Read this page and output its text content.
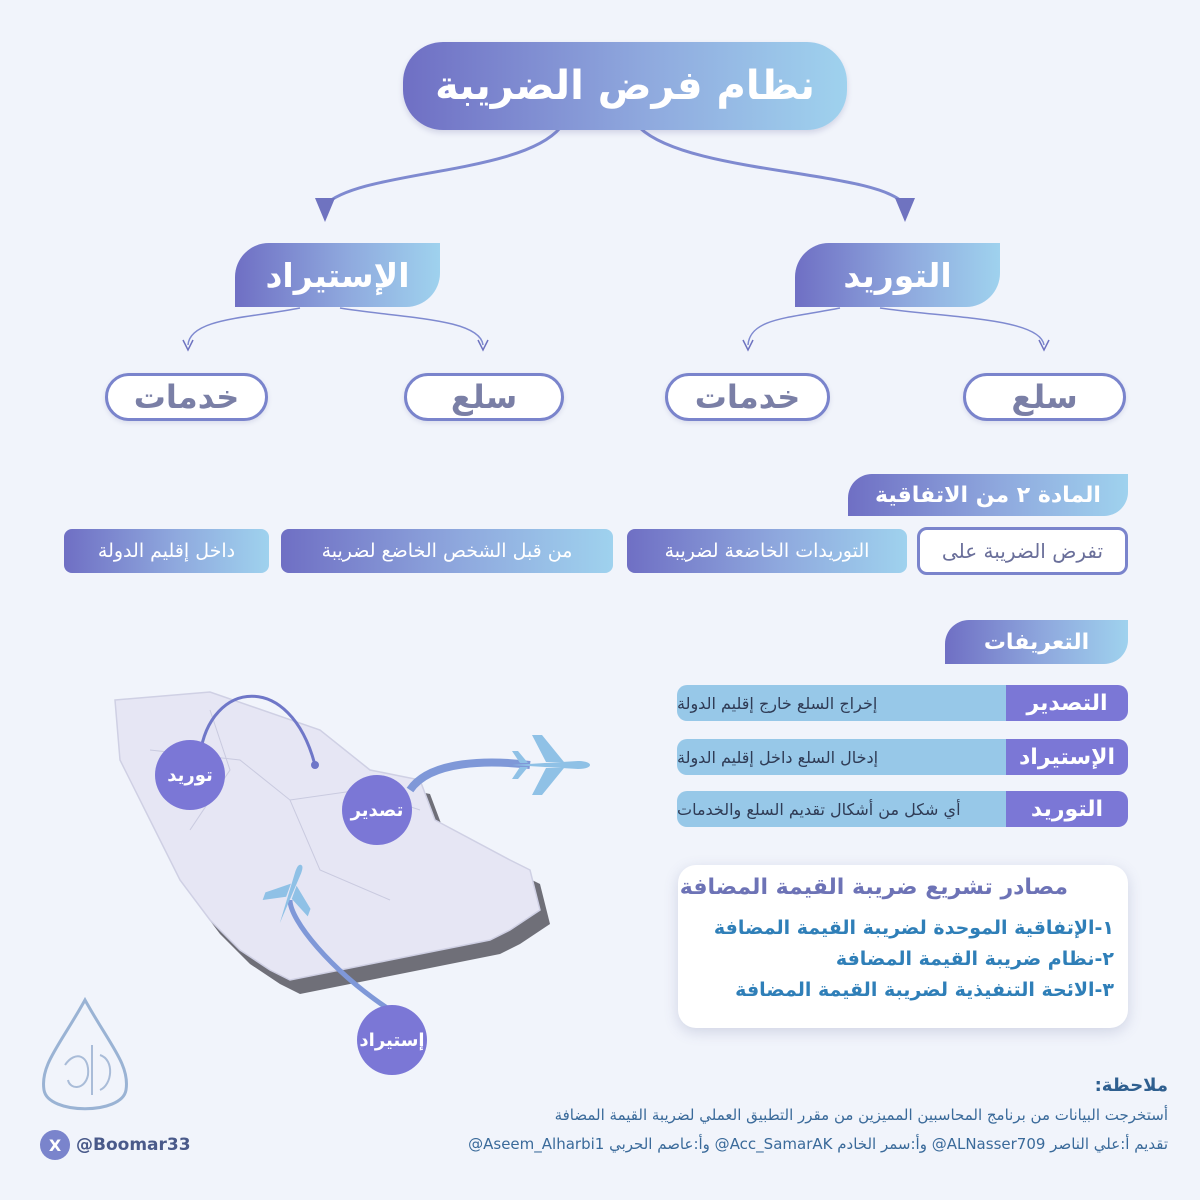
نظام فرض الضريبة
الإستيراد	التوريد
خدمات	سلع	خدمات	سلع
المادة ٢ من الاتفاقية
تفرض الضريبة على
التوريدات الخاضعة لضريبة
من قبل الشخص الخاضع لضريبة
داخل إقليم الدولة
التعريفات
إخراج السلع خارج إقليم الدولة	التصدير
إدخال السلع داخل إقليم الدولة	الإستيراد
أي شكل من أشكال تقديم السلع والخدمات	التوريد
توريد
تصدير
إستيراد
مصادر تشريع ضريبة القيمة المضافة
١-الإتفاقية الموحدة لضريبة القيمة المضافة
٢-نظام ضريبة القيمة المضافة
٣-الائحة التنفيذية لضريبة القيمة المضافة
X @Boomar33
ملاحظة:
أستخرجت البيانات من برنامج المحاسبين المميزين من مقرر التطبيق العملي لضريبة القيمة المضافة
تقديم أ:علي الناصر ALNasser709@ وأ:سمر الخادم Acc_SamarAK@ وأ:عاصم الحربي Aseem_Alharbi1@
